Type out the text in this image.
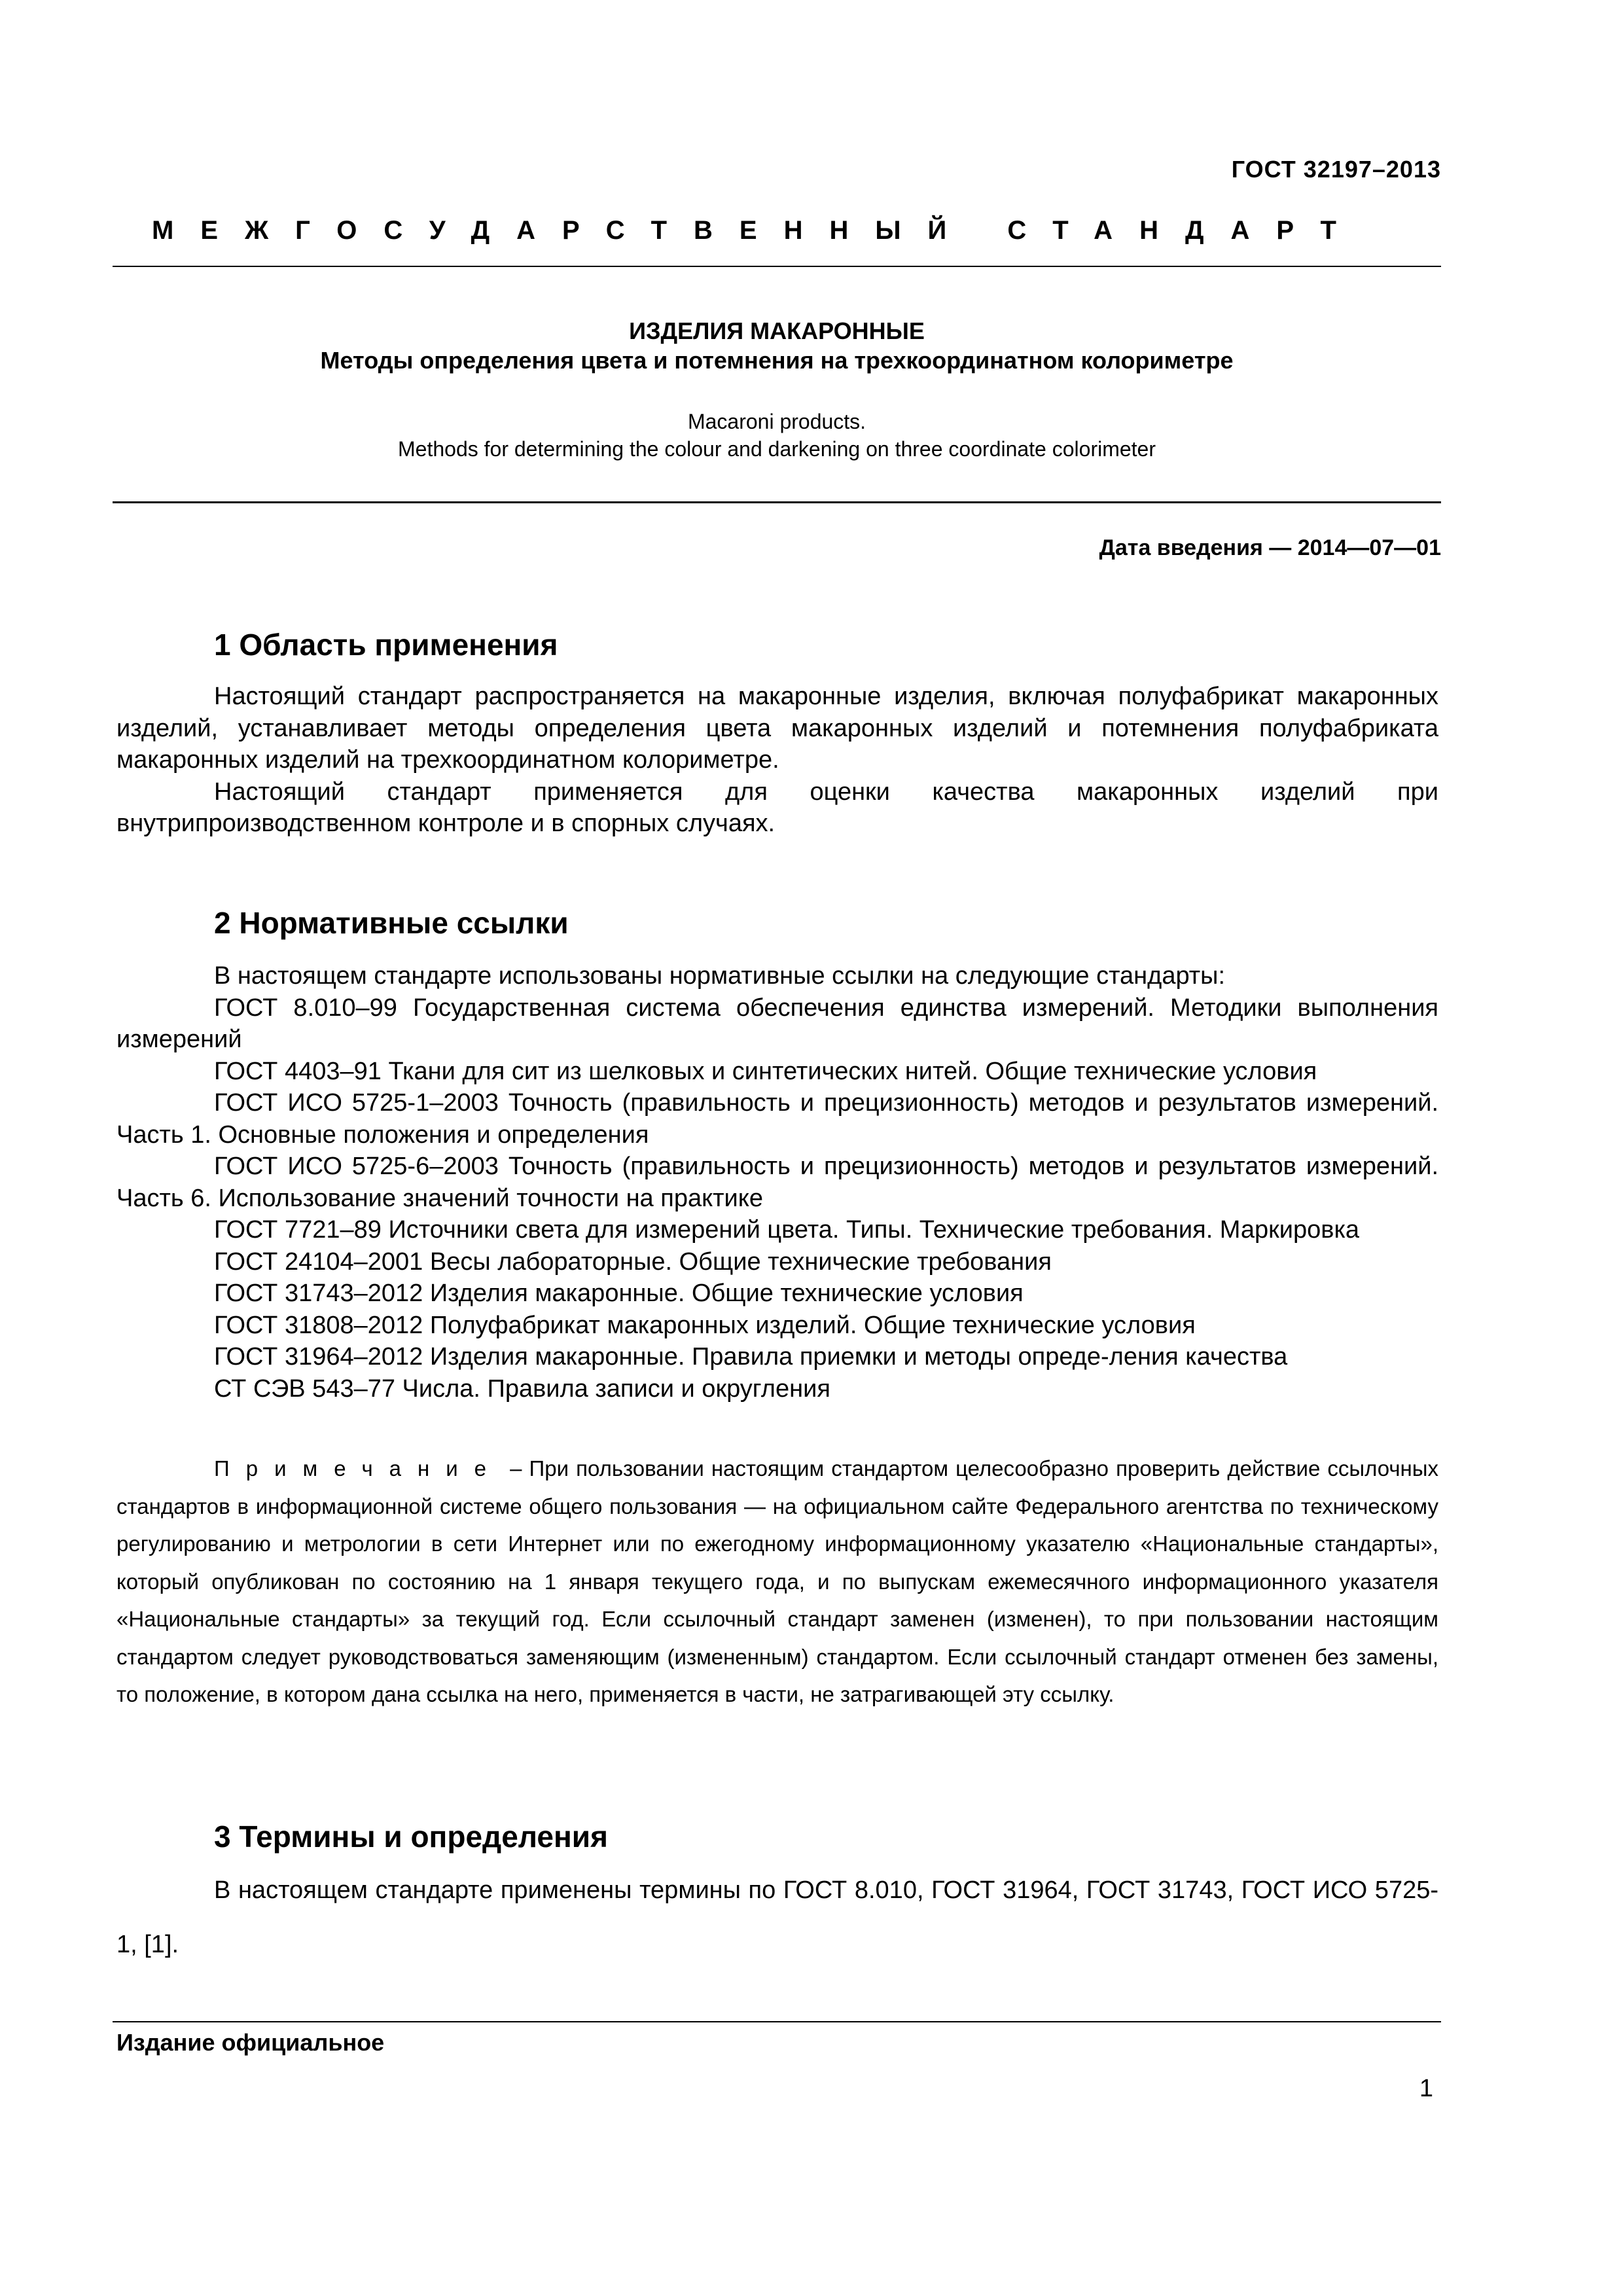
ГОСТ 32197–2013
МЕЖГОСУДАРСТВЕННЫЙ СТАНДАРТ
ИЗДЕЛИЯ МАКАРОННЫЕ
Методы определения цвета и потемнения на трехкоординатном колориметре
Macaroni products.
Methods for determining the colour and darkening on three coordinate colorimeter
Дата введения — 2014—07—01
1 Область применения

Настоящий стандарт распространяется на макаронные изделия, включая полуфабрикат макаронных изделий, устанавливает методы определения цвета макаронных изделий и потемнения полуфабриката макаронных изделий на трехкоординатном колориметре.

Настоящий стандарт применяется для оценки качества макаронных изделий при внутрипроизводственном контроле и в спорных случаях.

2 Нормативные ссылки
В настоящем стандарте использованы нормативные ссылки на следующие стандарты:
ГОСТ 8.010–99 Государственная система обеспечения единства измерений. Методики выполнения измерений
ГОСТ 4403–91 Ткани для сит из шелковых и синтетических нитей. Общие технические условия
ГОСТ ИСО 5725-1–2003 Точность (правильность и прецизионность) методов и результатов измерений. Часть 1. Основные положения и определения
ГОСТ ИСО 5725-6–2003 Точность (правильность и прецизионность) методов и результатов измерений. Часть 6. Использование значений точности на практике
ГОСТ 7721–89 Источники света для измерений цвета. Типы. Технические требования. Маркировка
ГОСТ 24104–2001 Весы лабораторные. Общие технические требования
ГОСТ 31743–2012 Изделия макаронные. Общие технические условия
ГОСТ 31808–2012 Полуфабрикат макаронных изделий. Общие технические условия
ГОСТ 31964–2012 Изделия макаронные. Правила приемки и методы опреде-ления качества
СТ СЭВ 543–77 Числа. Правила записи и округления

Примечание – При пользовании настоящим стандартом целесообразно проверить действие ссылочных стандартов в информационной системе общего пользования — на официальном сайте Федерального агентства по техническому регулированию и метрологии в сети Интернет или по ежегодному информационному указателю «Национальные стандарты», который опубликован по состоянию на 1 января текущего года, и по выпускам ежемесячного информационного указателя «Национальные стандарты» за текущий год. Если ссылочный стандарт заменен (изменен), то при пользовании настоящим стандартом следует руководствоваться заменяющим (измененным) стандартом. Если ссылочный стандарт отменен без замены, то положение, в котором дана ссылка на него, применяется в части, не затрагивающей эту ссылку.

3 Термины и определения

В настоящем стандарте применены термины по ГОСТ 8.010, ГОСТ 31964, ГОСТ 31743, ГОСТ ИСО 5725-1, [1].

Издание официальное
1
